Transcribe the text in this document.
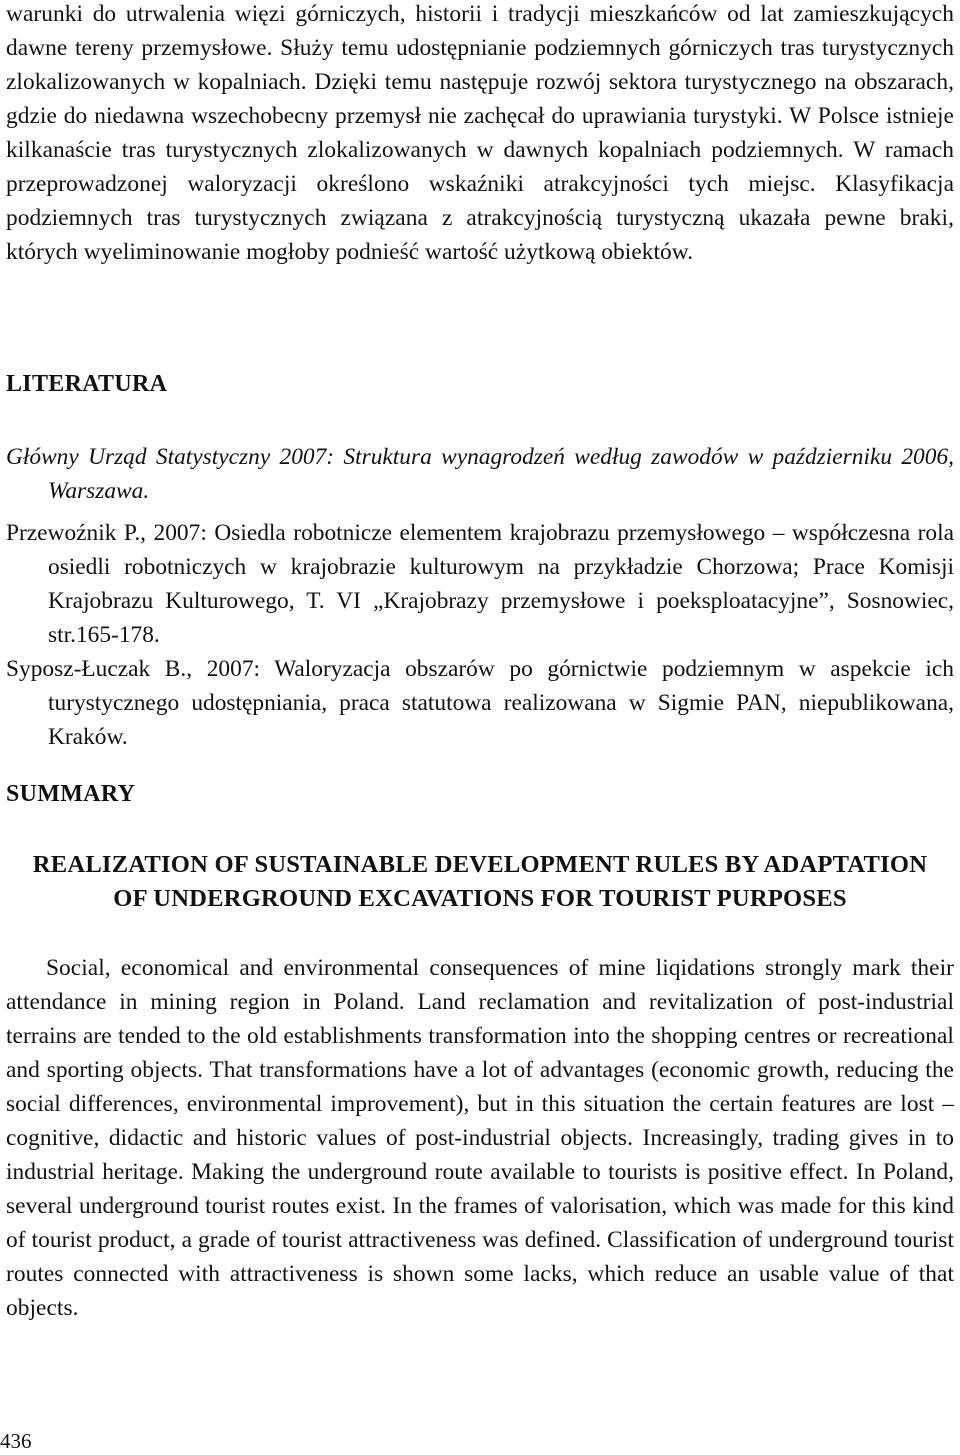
warunki do utrwalenia więzi górniczych, historii i tradycji mieszkańców od lat zamieszkujących dawne tereny przemysłowe. Służy temu udostępnianie podziemnych górniczych tras turystycznych zlokalizowanych w kopalniach. Dzięki temu następuje rozwój sektora turystycznego na obszarach, gdzie do niedawna wszechobecny przemysł nie zachęcał do uprawiania turystyki. W Polsce istnieje kilkanaście tras turystycznych zlokalizowanych w dawnych kopalniach podziemnych. W ramach przeprowadzonej waloryzacji określono wskaźniki atrakcyjności tych miejsc. Klasyfikacja podziemnych tras turystycznych związana z atrakcyjnością turystyczną ukazała pewne braki, których wyeliminowanie mogłoby podnieść wartość użytkową obiektów.

LITERATURA

Główny Urząd Statystyczny 2007: Struktura wynagrodzeń według zawodów w październiku 2006, Warszawa.

Przewoźnik P., 2007: Osiedla robotnicze elementem krajobrazu przemysłowego – współczesna rola osiedli robotniczych w krajobrazie kulturowym na przykładzie Chorzowa; Prace Komisji Krajobrazu Kulturowego, T. VI „Krajobrazy przemysłowe i poeksploatacyjne”, Sosnowiec, str.165-178.

Syposz-Łuczak B., 2007: Waloryzacja obszarów po górnictwie podziemnym w aspekcie ich turystycznego udostępniania, praca statutowa realizowana w Sigmie PAN, niepublikowana, Kraków.

SUMMARY
REALIZATION OF SUSTAINABLE DEVELOPMENT RULES BY ADAPTATION
OF UNDERGROUND EXCAVATIONS FOR TOURIST PURPOSES

Social, economical and environmental consequences of mine liqidations strongly mark their attendance in mining region in Poland. Land reclamation and revitalization of post-industrial terrains are tended to the old establishments transformation into the shopping centres or recreational and sporting objects. That transformations have a lot of advantages (economic growth, reducing the social differences, environmental improvement), but in this situation the certain features are lost – cognitive, didactic and historic values of post-industrial objects. Increasingly, trading gives in to industrial heritage. Making the underground route available to tourists is positive effect. In Poland, several underground tourist routes exist. In the frames of valorisation, which was made for this kind of tourist product, a grade of tourist attractiveness was defined. Classification of underground tourist routes connected with attractiveness is shown some lacks, which reduce an usable value of that objects.

436
